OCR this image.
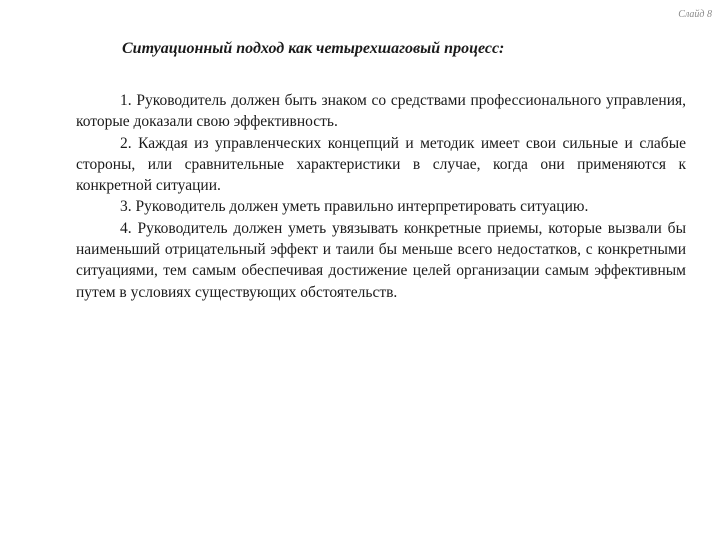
Слайд 8
Ситуационный подход как четырехшаговый процесс:

1. Руководитель должен быть знаком со средствами профессионального управления, которые доказали свою эффективность.

2. Каждая из управленческих концепций и методик имеет свои сильные и слабые стороны, или сравнительные характеристики в случае, когда они применяются к конкретной ситуации.

3. Руководитель должен уметь правильно интерпретировать ситуацию.

4. Руководитель должен уметь увязывать конкретные приемы, которые вызвали бы наименьший отрицательный эффект и таили бы меньше всего недостатков, с конкретными ситуациями, тем самым обеспечивая достижение целей организации самым эффективным путем в условиях существующих обстоятельств.
